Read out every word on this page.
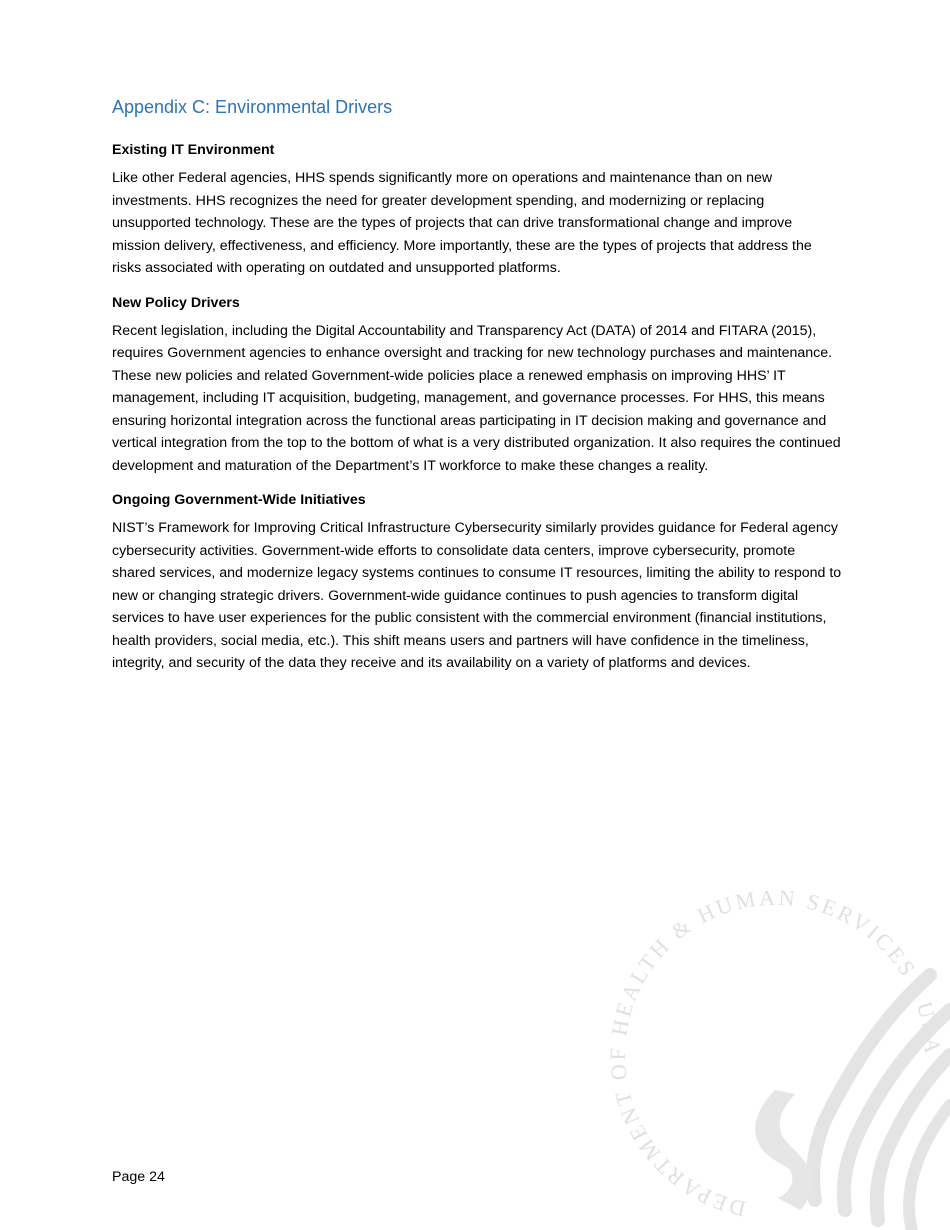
DEPARTMENT OF HEALTH & HUMAN SERVICES · USA
Appendix C: Environmental Drivers
Existing IT Environment

Like other Federal agencies, HHS spends significantly more on operations and maintenance than on new investments. HHS recognizes the need for greater development spending, and modernizing or replacing unsupported technology. These are the types of projects that can drive transformational change and improve mission delivery, effectiveness, and efficiency. More importantly, these are the types of projects that address the risks associated with operating on outdated and unsupported platforms.

New Policy Drivers

Recent legislation, including the Digital Accountability and Transparency Act (DATA) of 2014 and FITARA (2015), requires Government agencies to enhance oversight and tracking for new technology purchases and maintenance. These new policies and related Government-wide policies place a renewed emphasis on improving HHS’ IT management, including IT acquisition, budgeting, management, and governance processes. For HHS, this means ensuring horizontal integration across the functional areas participating in IT decision making and governance and vertical integration from the top to the bottom of what is a very distributed organization. It also requires the continued development and maturation of the Department’s IT workforce to make these changes a reality.

Ongoing Government-Wide Initiatives

NIST’s Framework for Improving Critical Infrastructure Cybersecurity similarly provides guidance for Federal agency cybersecurity activities. Government-wide efforts to consolidate data centers, improve cybersecurity, promote shared services, and modernize legacy systems continues to consume IT resources, limiting the ability to respond to new or changing strategic drivers. Government-wide guidance continues to push agencies to transform digital services to have user experiences for the public consistent with the commercial environment (financial institutions, health providers, social media, etc.). This shift means users and partners will have confidence in the timeliness, integrity, and security of the data they receive and its availability on a variety of platforms and devices.

Page 24
